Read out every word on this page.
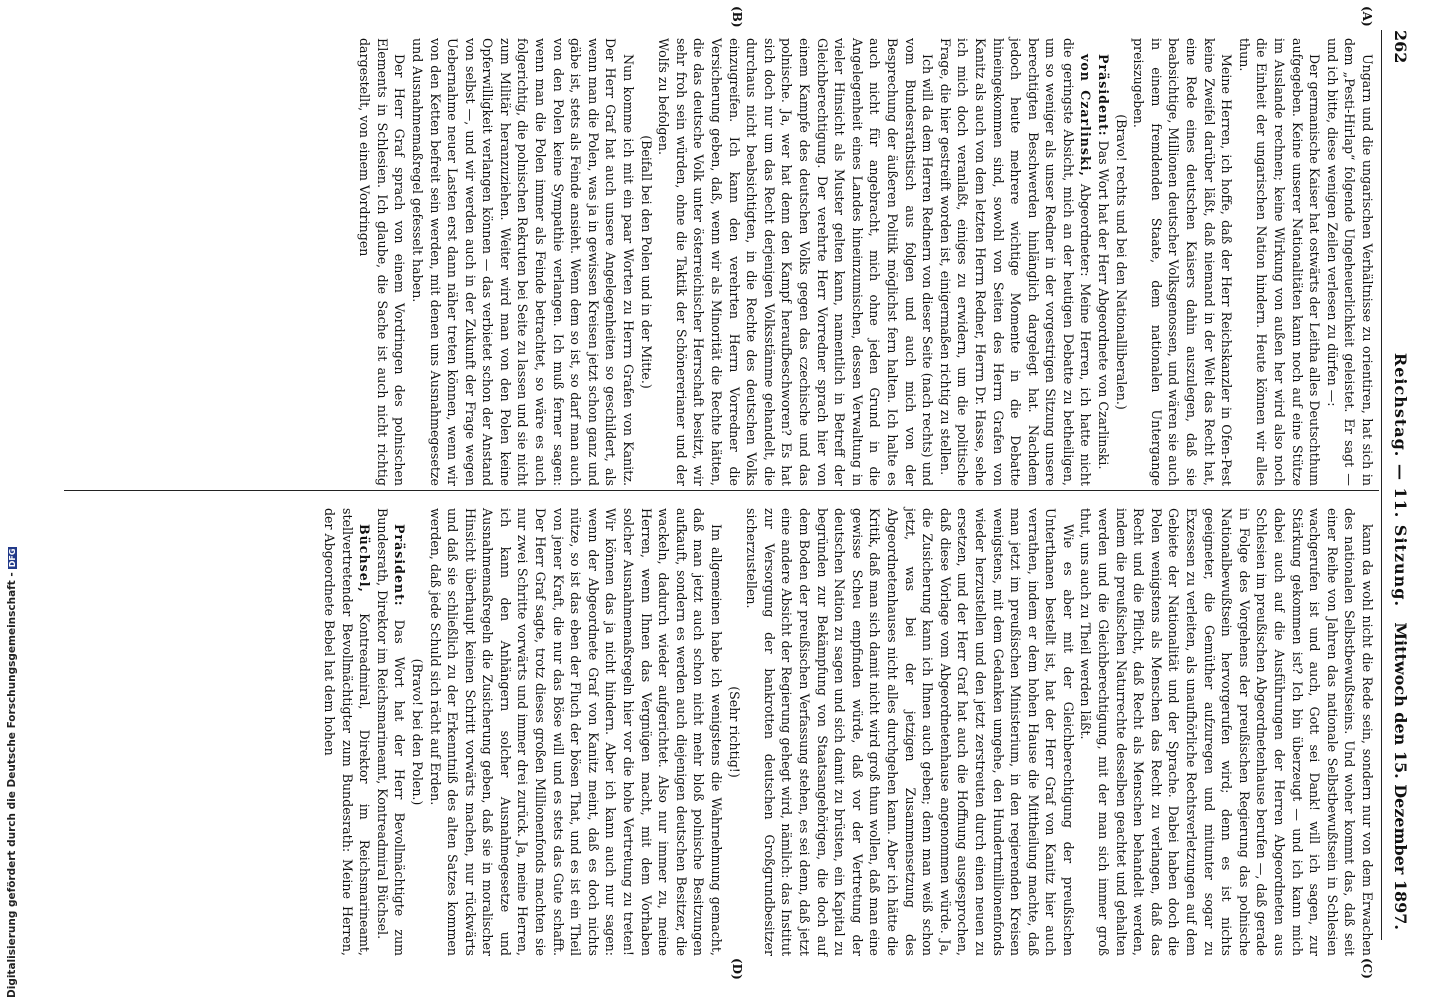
262
Reichstag. — 11. Sitzung.
Mittwoch den 15. Dezember 1897.
(A)
(B)
(C)
(D)

Ungarn und die ungarischen Verhältnisse zu orientiren, hat sich in dem „Pesti-Hirlap“ folgende Ungeheuerlichkeit geleistet. Er sagt — und ich bitte, diese wenigen Zeilen verlesen zu dürfen —:

Der germanische Kaiser hat ostwärts der Leitha alles Deutschthum aufgegeben. Keine unserer Nationalitäten kann noch auf eine Stütze im Auslande rechnen; keine Wirkung von außen her wird also noch die Einheit der ungarischen Nation hindern. Heute können wir alles thun.

Meine Herren, ich hoffe, daß der Herr Reichskanzler in Ofen-Pest keine Zweifel darüber läßt, daß niemand in der Welt das Recht hat, eine Rede eines deutschen Kaisers dahin auszulegen, daß sie beabsichtige, Millionen deutscher Volksgenossen, und wären sie auch in einem fremdenden Staate, dem nationalen Untergange preiszugeben.

(Bravo! rechts und bei den Nationalliberalen.)

Präsident: Das Wort hat der Herr Abgeordnete von Czarlinski.

von Czarlinski, Abgeordneter: Meine Herren, ich hatte nicht die geringste Absicht, mich an der heutigen Debatte zu betheiligen, um so weniger als unser Redner in der vorgestrigen Sitzung unsere berechtigten Beschwerden hinlänglich dargelegt hat. Nachdem jedoch heute mehrere wichtige Momente in die Debatte hineingekommen sind, sowohl von Seiten des Herrn Grafen von Kanitz als auch von dem letzten Herrn Redner, Herrn Dr. Hasse, sehe ich mich doch veranlaßt, einiges zu erwidern, um die politische Frage, die hier gestreift worden ist, einigermaßen richtig zu stellen.

Ich will da dem Herren Rednern von dieser Seite (nach rechts) und vom Bundesrathstisch aus folgen und auch mich von der Besprechung der äußeren Politik möglichst fern halten. Ich halte es auch nicht für angebracht, mich ohne jeden Grund in die Angelegenheit eines Landes hineinzumischen, dessen Verwaltung in vieler Hinsicht als Muster gelten kann, namentlich in Betreff der Gleichberechtigung. Der verehrte Herr Vorredner sprach hier von einem Kampfe des deutschen Volks gegen das czechische und das polnische. Ja, wer hat denn den Kampf heraufbeschworen? Es hat sich doch nur um das Recht derjenigen Volksstämme gehandelt, die durchaus nicht beabsichtigten, in die Rechte des deutschen Volks einzugreifen. Ich kann den verehrten Herrn Vorredner die Versicherung geben, daß, wenn wir als Minorität die Rechte hätten, die das deutsche Volk unter österreichischer Herrschaft besitzt, wir sehr froh sein würden, ohne die Taktik der Schönererianer und der Wolfs zu befolgen.

(Beifall bei den Polen und in der Mitte.)

Nun komme ich mit ein paar Worten zu Herrn Grafen von Kanitz. Der Herr Graf hat auch unsere Angelegenheiten so geschildert, als wenn man die Polen, was ja in gewissen Kreisen jetzt schon ganz und gäbe ist, stets als Feinde ansieht. Wenn dem so ist, so darf man auch von den Polen keine Sympathie verlangen. Ich muß ferner sagen: wenn man die Polen immer als Feinde betrachtet, so wäre es auch folgerichtig, die polnischen Rekruten bei Seite zu lassen und sie nicht zum Militär heranzuziehen. Weiter wird man von den Polen keine Opferwilligkeit verlangen können — das verbietet schon der Anstand von selbst —, und wir werden auch in der Zukunft der Frage wegen Uebernahme neuer Lasten erst dann näher treten können, wenn wir von den Ketten befreit sein werden, mit denen uns Ausnahmegesetze und Ausnahmemaßregel gefesselt haben.

Der Herr Graf sprach von einem Vordringen des polnischen Elements in Schlesien. Ich glaube, die Sache ist auch nicht richtig dargestellt, von einem Vordringen

kann da wohl nicht die Rede sein, sondern nur von dem Erwachen des nationalen Selbstbewußtseins. Und woher kommt das, daß seit einer Reihe von Jahren das nationale Selbstbewußtsein in Schlesien wachgerufen ist und auch, Gott sei Dank! will ich sagen, zur Stärkung gekommen ist? Ich bin überzeugt — und ich kann mich dabei auch auf die Ausführungen der Herren Abgeordneten aus Schlesien im preußischen Abgeordnetenhause berufen —, daß gerade in Folge des Vorgehens der preußischen Regierung das polnische Nationalbewußtsein hervorgerufen wird; denn es ist nichts geeigneter, die Gemüther aufzuregen und mitunter sogar zu Exzessen zu verleiten, als unaufhörliche Rechtsverletzungen auf dem Gebiete der Nationalität und der Sprache. Dabei haben doch die Polen wenigstens als Menschen das Recht zu verlangen, daß das Recht und die Pflicht, daß Recht als Menschen behandelt werden, indem die preußischen Naturrechte desselben geachtet und gehalten werden und die Gleichberechtigung, mit der man sich immer groß thut, uns auch zu Theil werden läßt.

Wie es aber mit der Gleichberechtigung der preußischen Unterthanen bestellt ist, hat der Herr Graf von Kanitz hier auch verrathen, indem er dem hohen Hause die Mittheilung machte, daß man jetzt im preußischen Ministerium, in den regierenden Kreisen wenigstens, mit dem Gedanken umgehe, den Hundertmillionenfonds wieder herzustellen und den jetzt zerstreuten durch einen neuen zu ersetzen, und der Herr Graf hat auch die Hoffnung ausgesprochen, daß diese Vorlage vom Abgeordnetenhause angenommen würde. Ja, die Zusicherung kann ich Ihnen auch geben; denn man weiß schon jetzt, was bei der jetzigen Zusammensetzung des Abgeordnetenhauses nicht alles durchgehen kann. Aber ich hätte die Kritik, daß man sich damit nicht wird groß thun wollen, daß man eine gewisse Scheu empfinden würde, daß vor der Vertretung der deutschen Nation zu sagen und sich damit zu brüsten, ein Kapital zu begründen zur Bekämpfung von Staatsangehörigen, die doch auf dem Boden der preußischen Verfassung stehen, es sei denn, daß jetzt eine andere Absicht der Regierung gehegt wird, nämlich: das Institut zur Versorgung der bankrotten deutschen Großgrundbesitzer sicherzustellen.

(Sehr richtig!)

Im allgemeinen habe ich wenigstens die Wahrnehmung gemacht, daß man jetzt auch schon nicht mehr bloß polnische Besitzungen aufkauft, sondern es werden auch diejenigen deutschen Besitzer, die wackeln, dadurch wieder aufgerichtet. Also nur immer zu, meine Herren, wenn Ihnen das Vergnügen macht, mit dem Vorhaben solcher Ausnahmemaßregeln hier vor die hohe Vertretung zu treten! Wir können das ja nicht hindern. Aber ich kann auch nur sagen: wenn der Abgeordnete Graf von Kanitz meint, daß es doch nichts nütze, so ist das eben der Fluch der bösen That, und es ist ein Theil von jener Kraft, die nur das Böse will und es stets das Gute schafft. Der Herr Graf sagte, trotz dieses großen Millionenfonds machten sie nur zwei Schritte vorwärts und immer drei zurück. Ja, meine Herren, ich kann den Anhängern solcher Ausnahmegesetze und Ausnahmemaßregeln die Zusicherung geben, daß sie in moralischer Hinsicht überhaupt keinen Schritt vorwärts machen, nur rückwärts und daß sie schließlich zu der Erkenntniß des alten Satzes kommen werden, daß jede Schuld sich rächt auf Erden.

(Bravo! bei den Polen.)

Präsident: Das Wort hat der Herr Bevollmächtigte zum Bundesrath, Direktor im Reichsmarineamt, Kontreadmiral Büchsel.

Büchsel, Kontreadmiral, Direktor im Reichsmarineamt, stellvertretender Bevollmächtigter zum Bundesrath: Meine Herren, der Abgeordnete Bebel hat dem hohen

Digitalisierung gefördert durch die Deutsche Forschungsgemeinschaft -DFG
